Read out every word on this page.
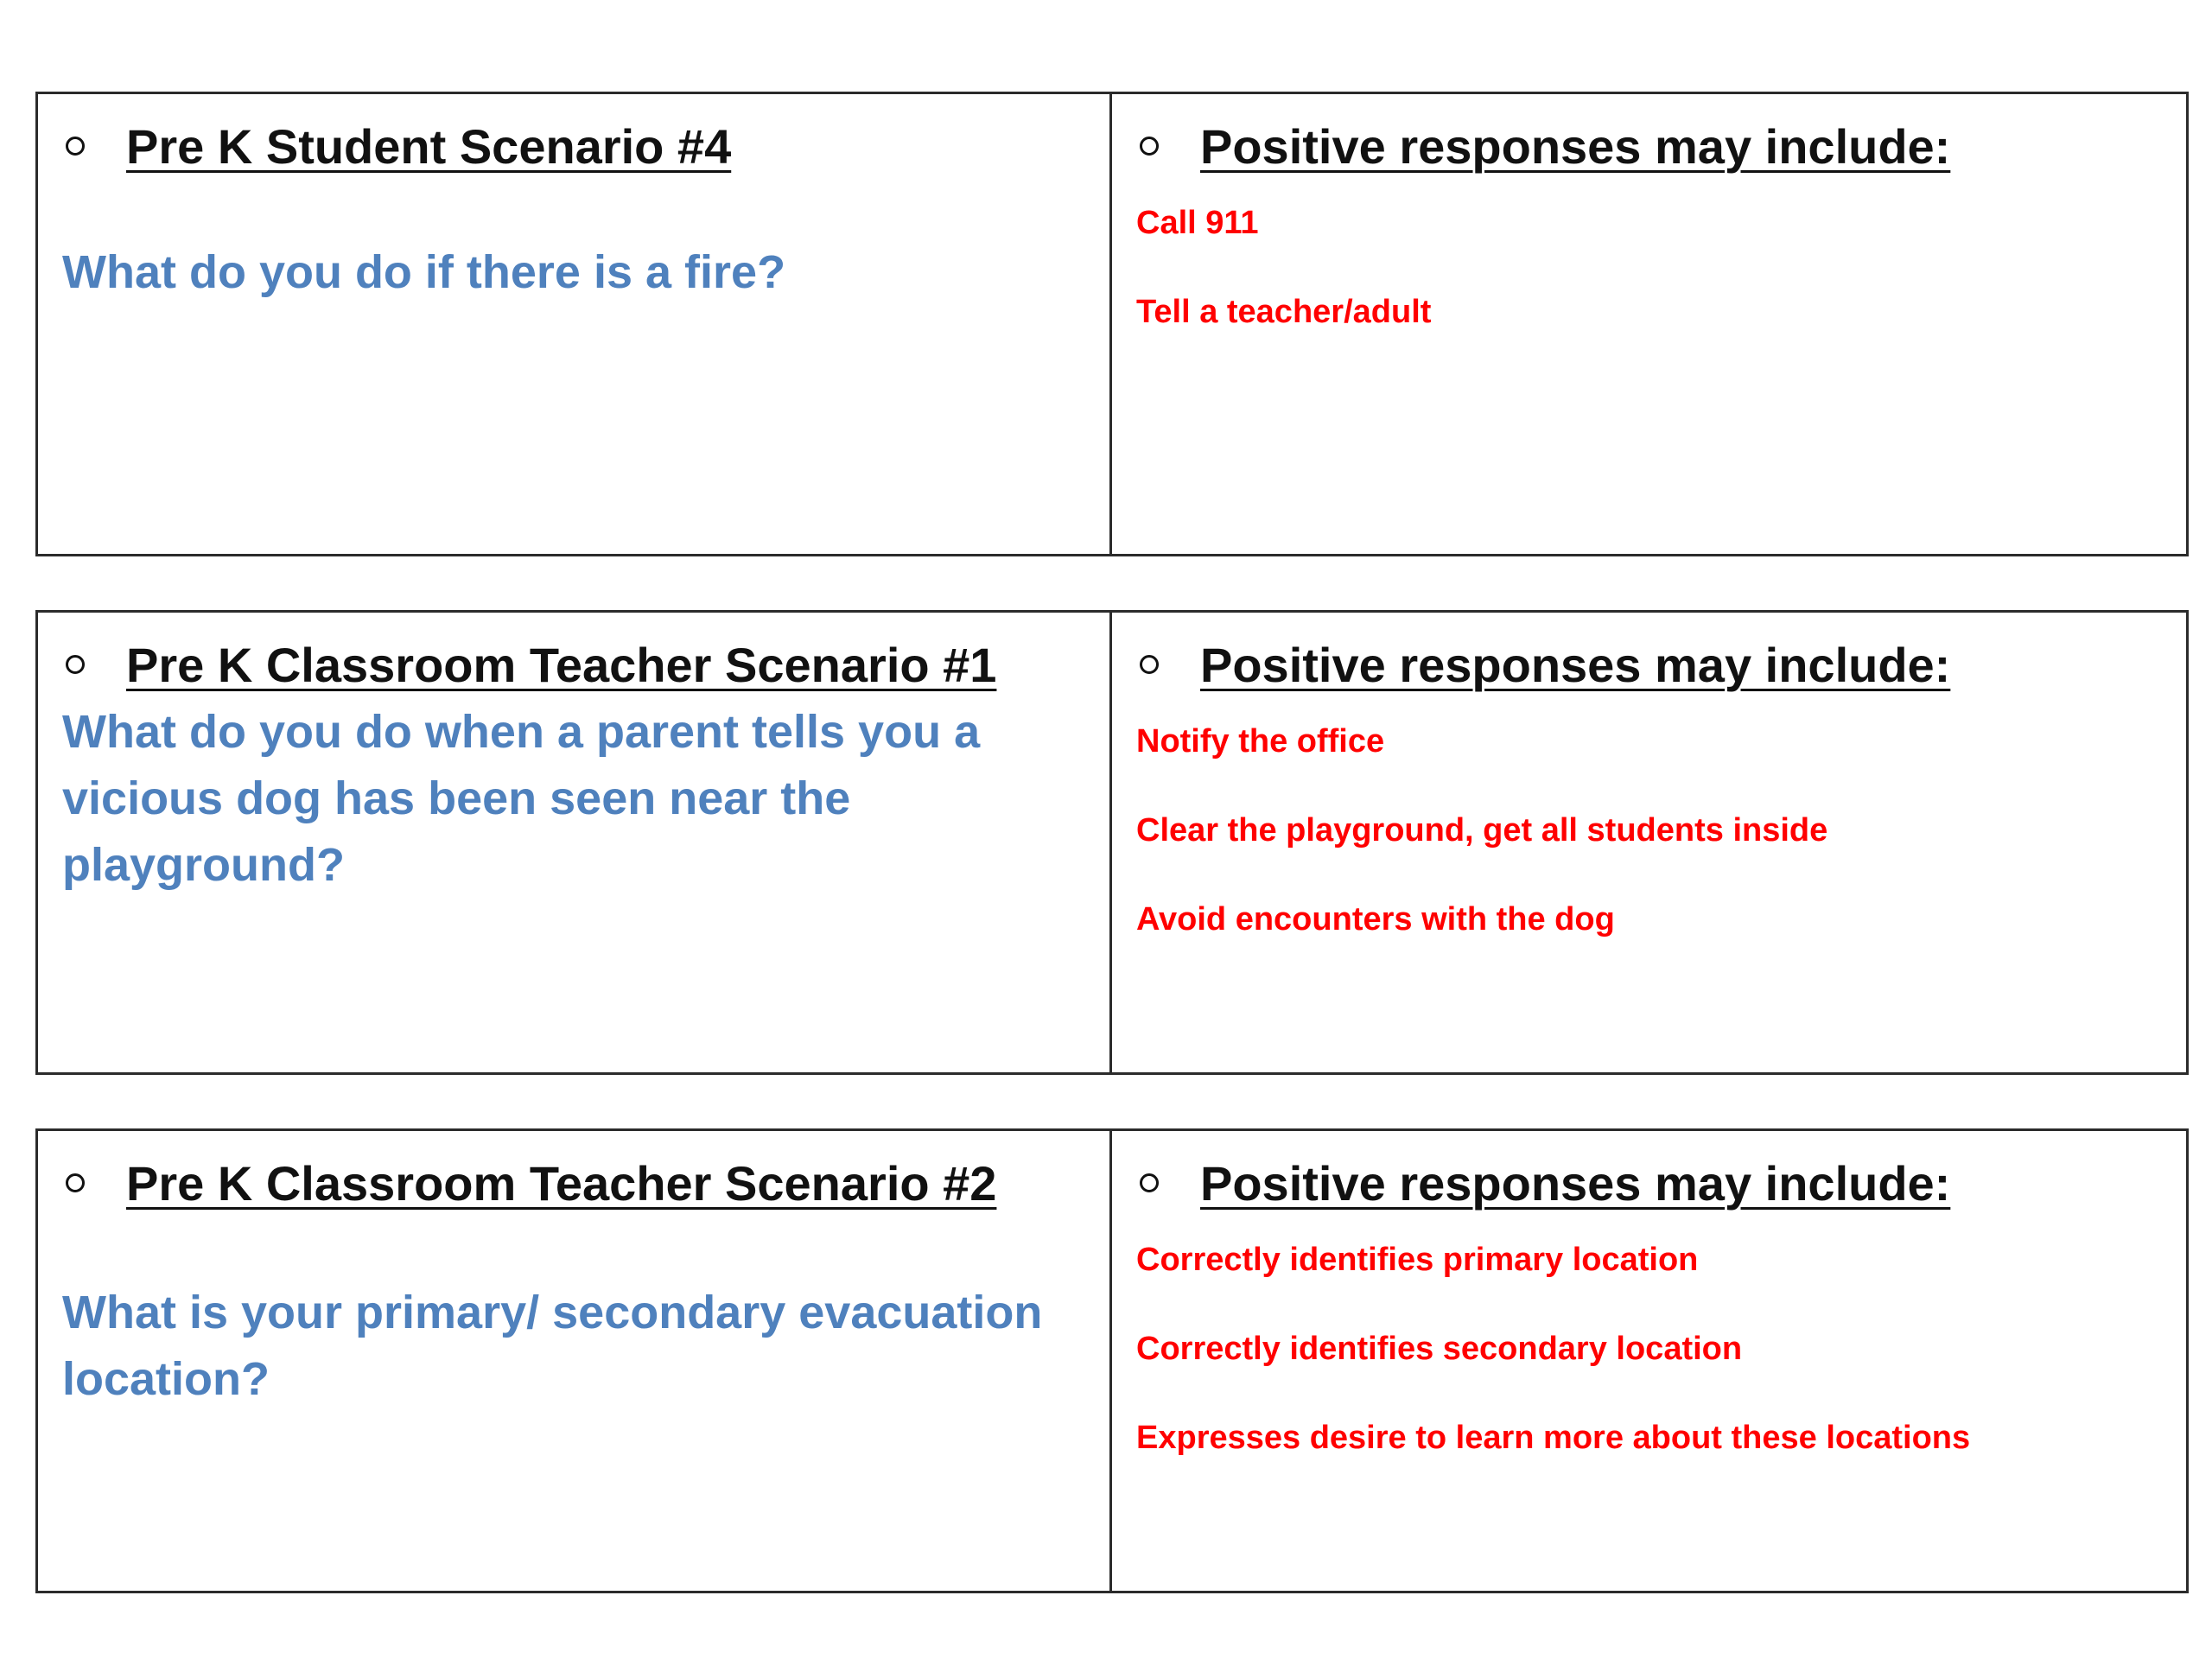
Pre K Student Scenario #4
What do you do if there is a fire?
Positive responses may include:
Call 911
Tell a teacher/adult
Pre K Classroom Teacher Scenario #1
What do you do when a parent tells you a vicious dog has been seen near the playground?
Positive responses may include:
Notify the office
Clear the playground, get all students inside
Avoid encounters with the dog
Pre K Classroom Teacher Scenario #2
What is your primary/ secondary evacuation location?
Positive responses may include:
Correctly identifies primary location
Correctly identifies secondary location
Expresses desire to learn more about these locations
